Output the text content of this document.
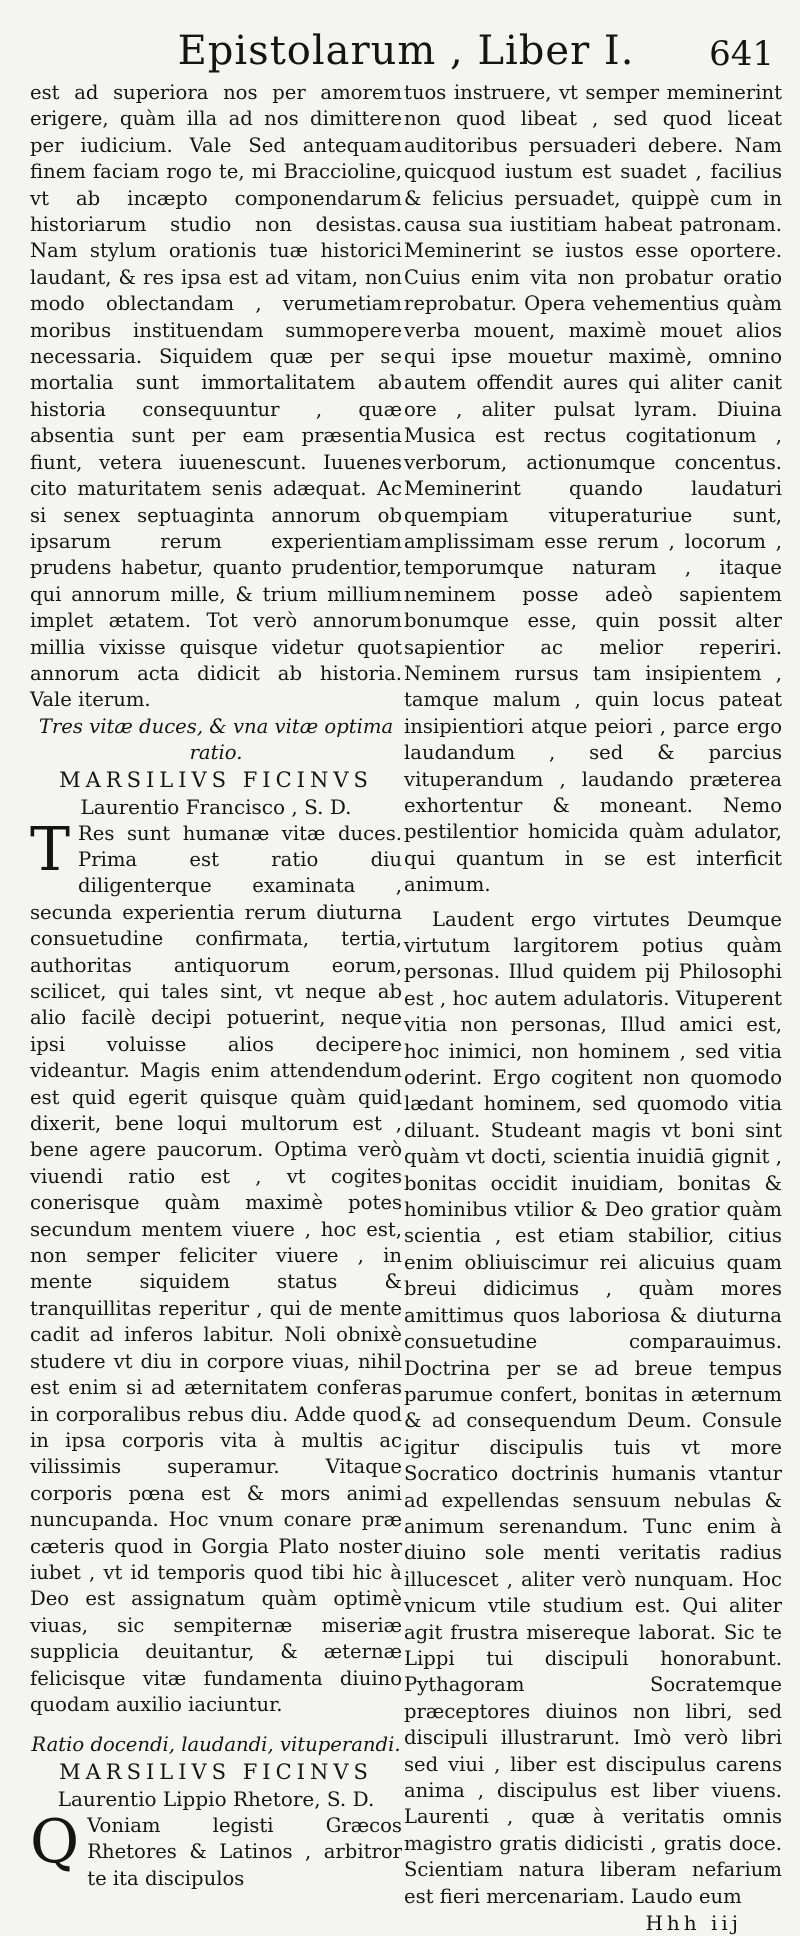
Epistolarum , Liber I.	641

est ad superiora nos per amorem erigere, quàm illa ad nos dimittere per iudicium. Vale Sed antequam finem faciam rogo te, mi Braccioline, vt ab incæpto componendarum historiarum studio non desistas. Nam stylum orationis tuæ historici laudant, & res ipsa est ad vitam, non modo oblectandam , verumetiam moribus instituendam summopere necessaria. Siquidem quæ per se mortalia sunt immortalitatem ab historia consequuntur , quæ absentia sunt per eam præsentia fiunt, vetera iuuenescunt. Iuuenes cito maturitatem senis adæquat. Ac si senex septuaginta annorum ob ipsarum rerum experientiam prudens habetur, quanto prudentior, qui annorum mille, & trium millium implet ætatem. Tot verò annorum millia vixisse quisque videtur quot annorum acta didicit ab historia. Vale iterum.

Tres vitæ duces, & vna vitæ optima ratio.

MARSILIVS FICINVS

Laurentio Francisco , S. D.

T Res sunt humanæ vitæ duces. Prima est ratio diu diligenterque examinata , secunda experientia rerum diuturna consuetudine confirmata, tertia, authoritas antiquorum eorum, scilicet, qui tales sint, vt neque ab alio facilè decipi potuerint, neque ipsi voluisse alios decipere videantur. Magis enim attendendum est quid egerit quisque quàm quid dixerit, bene loqui multorum est , bene agere paucorum. Optima verò viuendi ratio est , vt cogites conerisque quàm maximè potes secundum mentem viuere , hoc est, non semper feliciter viuere , in mente siquidem status & tranquillitas reperitur , qui de mente cadit ad inferos labitur. Noli obnixè studere vt diu in corpore viuas, nihil est enim si ad æternitatem conferas in corporalibus rebus diu. Adde quod in ipsa corporis vita à multis ac vilissimis superamur. Vitaque corporis pœna est & mors animi nuncupanda. Hoc vnum conare præ cæteris quod in Gorgia Plato noster iubet , vt id temporis quod tibi hic à Deo est assignatum quàm optimè viuas, sic sempiternæ miseriæ supplicia deuitantur, & æternæ felicisque vitæ fundamenta diuino quodam auxilio iaciuntur.

Ratio docendi, laudandi, vituperandi.

MARSILIVS FICINVS

Laurentio Lippio Rhetore, S. D.

Q Voniam legisti Græcos Rhetores & Latinos , arbitror te ita discipulos

tuos instruere, vt semper meminerint non quod libeat , sed quod liceat auditoribus persuaderi debere. Nam quicquod iustum est suadet , facilius & felicius persuadet, quippè cum in causa sua iustitiam habeat patronam. Meminerint se iustos esse oportere. Cuius enim vita non probatur oratio reprobatur. Opera vehementius quàm verba mouent, maximè mouet alios qui ipse mouetur maximè, omnino autem offendit aures qui aliter canit ore , aliter pulsat lyram. Diuina Musica est rectus cogitationum , verborum, actionumque concentus. Meminerint quando laudaturi quempiam vituperaturiue sunt, amplissimam esse rerum , locorum , temporumque naturam , itaque neminem posse adeò sapientem bonumque esse, quin possit alter sapientior ac melior reperiri. Neminem rursus tam insipientem , tamque malum , quin locus pateat insipientiori atque peiori , parce ergo laudandum , sed & parcius vituperandum , laudando præterea exhortentur & moneant. Nemo pestilentior homicida quàm adulator, qui quantum in se est interficit animum.

Laudent ergo virtutes Deumque virtutum largitorem potius quàm personas. Illud quidem pij Philosophi est , hoc autem adulatoris. Vituperent vitia non personas, Illud amici est, hoc inimici, non hominem , sed vitia oderint. Ergo cogitent non quomodo lædant hominem, sed quomodo vitia diluant. Studeant magis vt boni sint quàm vt docti, scientia inuidiā gignit , bonitas occidit inuidiam, bonitas & hominibus vtilior & Deo gratior quàm scientia , est etiam stabilior, citius enim obliuiscimur rei alicuius quam breui didicimus , quàm mores amittimus quos laboriosa & diuturna consuetudine comparauimus. Doctrina per se ad breue tempus parumue confert, bonitas in æternum & ad consequendum Deum. Consule igitur discipulis tuis vt more Socratico doctrinis humanis vtantur ad expellendas sensuum nebulas & animum serenandum. Tunc enim à diuino sole menti veritatis radius illucescet , aliter verò nunquam. Hoc vnicum vtile studium est. Qui aliter agit frustra misereque laborat. Sic te Lippi tui discipuli honorabunt. Pythagoram Socratemque præceptores diuinos non libri, sed discipuli illustrarunt. Imò verò libri sed viui , liber est discipulus carens anima , discipulus est liber viuens. Laurenti , quæ à veritatis omnis magistro gratis didicisti , gratis doce. Scientiam natura liberam nefarium est fieri mercenariam. Laudo eum

Hhh iij
